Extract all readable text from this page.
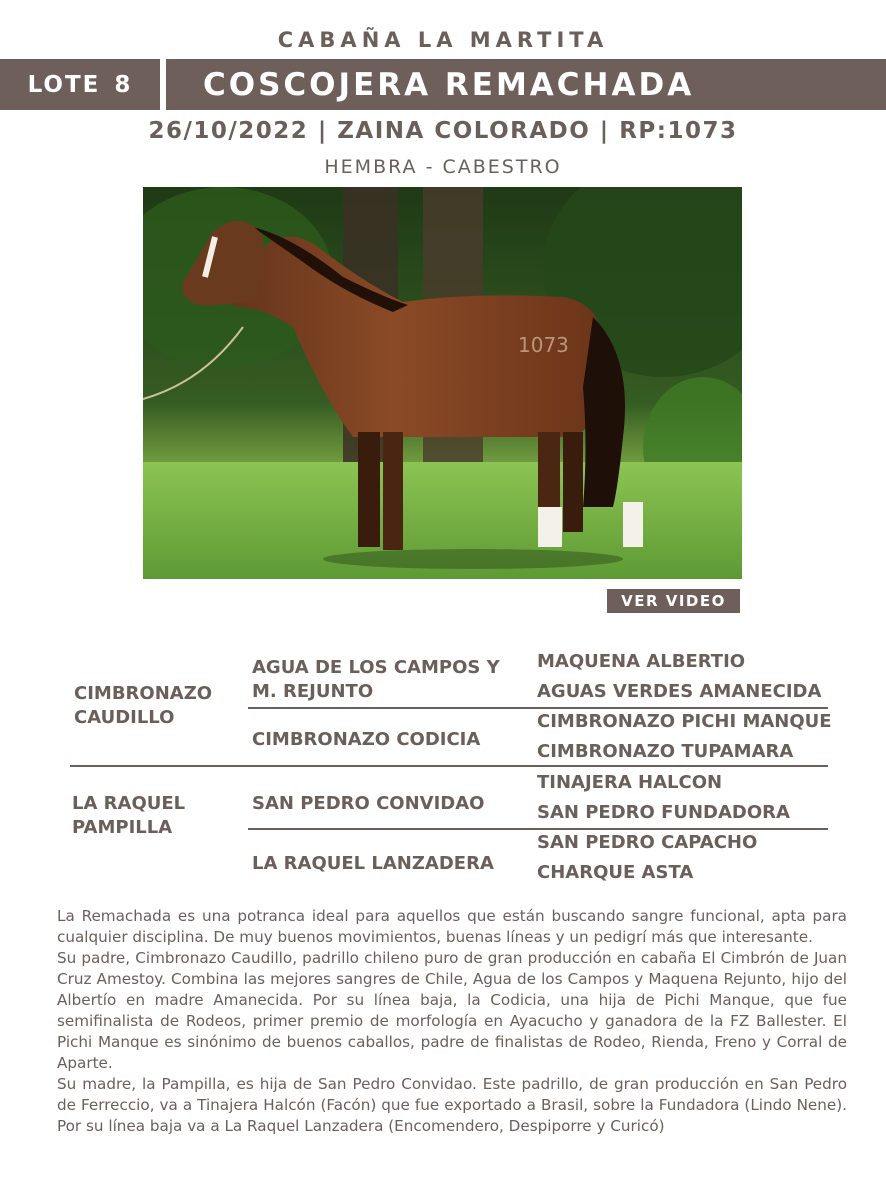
CABAÑA LA MARTITA
LOTE 8 COSCOJERA REMACHADA
26/10/2022 | ZAINA COLORADO | RP:1073
HEMBRA - CABESTRO
1073
VER VIDEO
CIMBRONAZO CAUDILLO
AGUA DE LOS CAMPOS Y M. REJUNTO
MAQUENA ALBERTIO
AGUAS VERDES AMANECIDA
CIMBRONAZO CODICIA
CIMBRONAZO PICHI MANQUE
CIMBRONAZO TUPAMARA
LA RAQUEL PAMPILLA
SAN PEDRO CONVIDAO
TINAJERA HALCON
SAN PEDRO FUNDADORA
LA RAQUEL LANZADERA
SAN PEDRO CAPACHO
CHARQUE ASTA

La Remachada es una potranca ideal para aquellos que están buscando sangre funcional, apta para cualquier disciplina. De muy buenos movimientos, buenas líneas y un pedigrí más que interesante.

Su padre, Cimbronazo Caudillo, padrillo chileno puro de gran producción en cabaña El Cimbrón de Juan Cruz Amestoy. Combina las mejores sangres de Chile, Agua de los Campos y Maquena Rejunto, hijo del Albertío en madre Amanecida. Por su línea baja, la Codicia, una hija de Pichi Manque, que fue semifinalista de Rodeos, primer premio de morfología en Ayacucho y ganadora de la FZ Ballester. El Pichi Manque es sinónimo de buenos caballos, padre de finalistas de Rodeo, Rienda, Freno y Corral de Aparte.

Su madre, la Pampilla, es hija de San Pedro Convidao. Este padrillo, de gran producción en San Pedro de Ferreccio, va a Tinajera Halcón (Facón) que fue exportado a Brasil, sobre la Fundadora (Lindo Nene). Por su línea baja va a La Raquel Lanzadera (Encomendero, Despiporre y Curicó)
